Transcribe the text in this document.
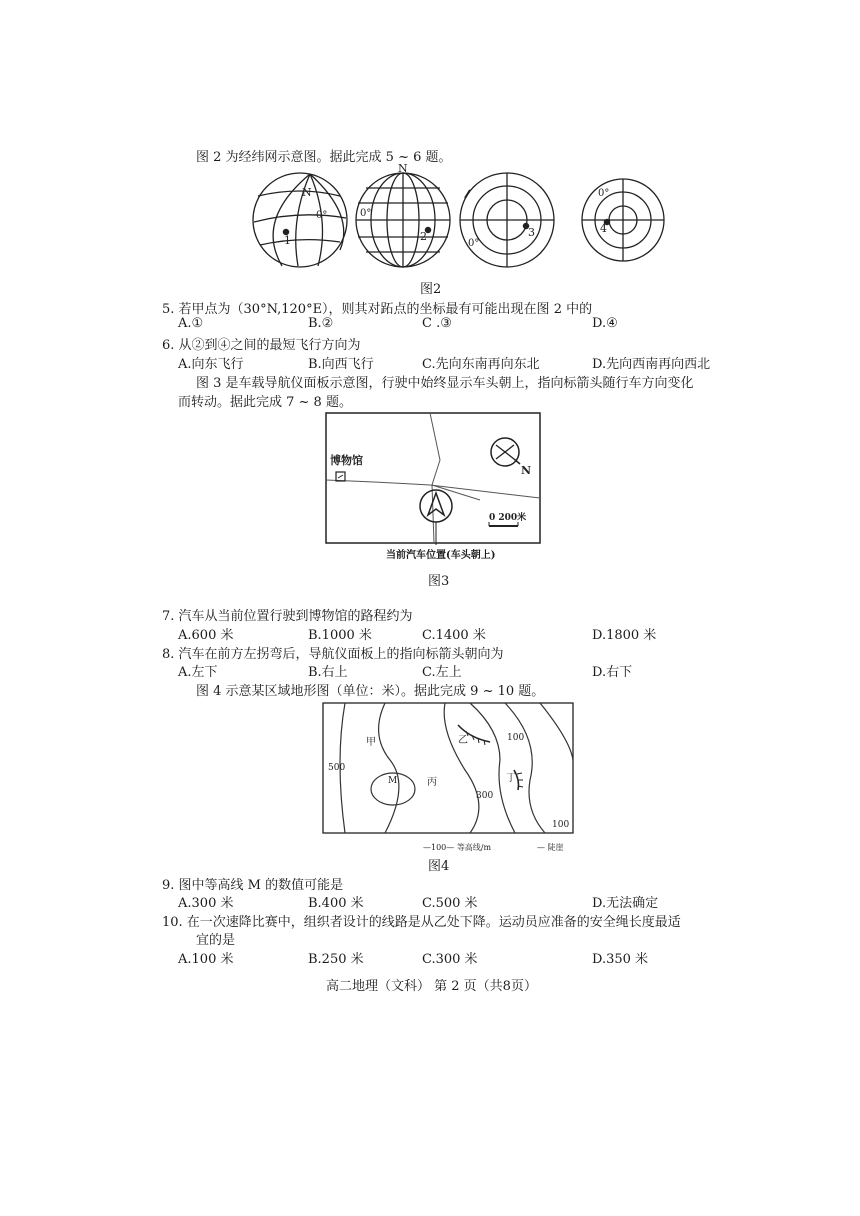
图 2 为经纬网示意图。据此完成 5 ~ 6 题。
N
0°
1
N
0°
2
0°
3
0°
4
图2
5. 若甲点为（30°N,120°E），则其对跖点的坐标最有可能出现在图 2 中的
A.①	B.②	C .③	D.④
6. 从②到④之间的最短飞行方向为
A.向东飞行	B.向西飞行	C.先向东南再向东北	D.先向西南再向西北
图 3 是车载导航仪面板示意图，行驶中始终显示车头朝上，指向标箭头随行车方向变化
而转动。据此完成 7 ~ 8 题。
博物馆
N
0 200米
当前汽车位置(车头朝上)
图3
7. 汽车从当前位置行驶到博物馆的路程约为
A.600 米	B.1000 米	C.1400 米	D.1800 米
8. 汽车在前方左拐弯后，导航仪面板上的指向标箭头朝向为
A.左下	B.右上	C.左上	D.右下
图 4 示意某区域地形图（单位：米）。据此完成 9 ~ 10 题。
甲	乙
丙	丁
M
500
300
100
100
—100— 等高线/m	— 陡崖
图4
9. 图中等高线 M 的数值可能是
A.300 米	B.400 米	C.500 米	D.无法确定
10. 在一次速降比赛中，组织者设计的线路是从乙处下降。运动员应准备的安全绳长度最适
宜的是
A.100 米	B.250 米	C.300 米	D.350 米
高二地理（文科） 第 2 页（共8页）
